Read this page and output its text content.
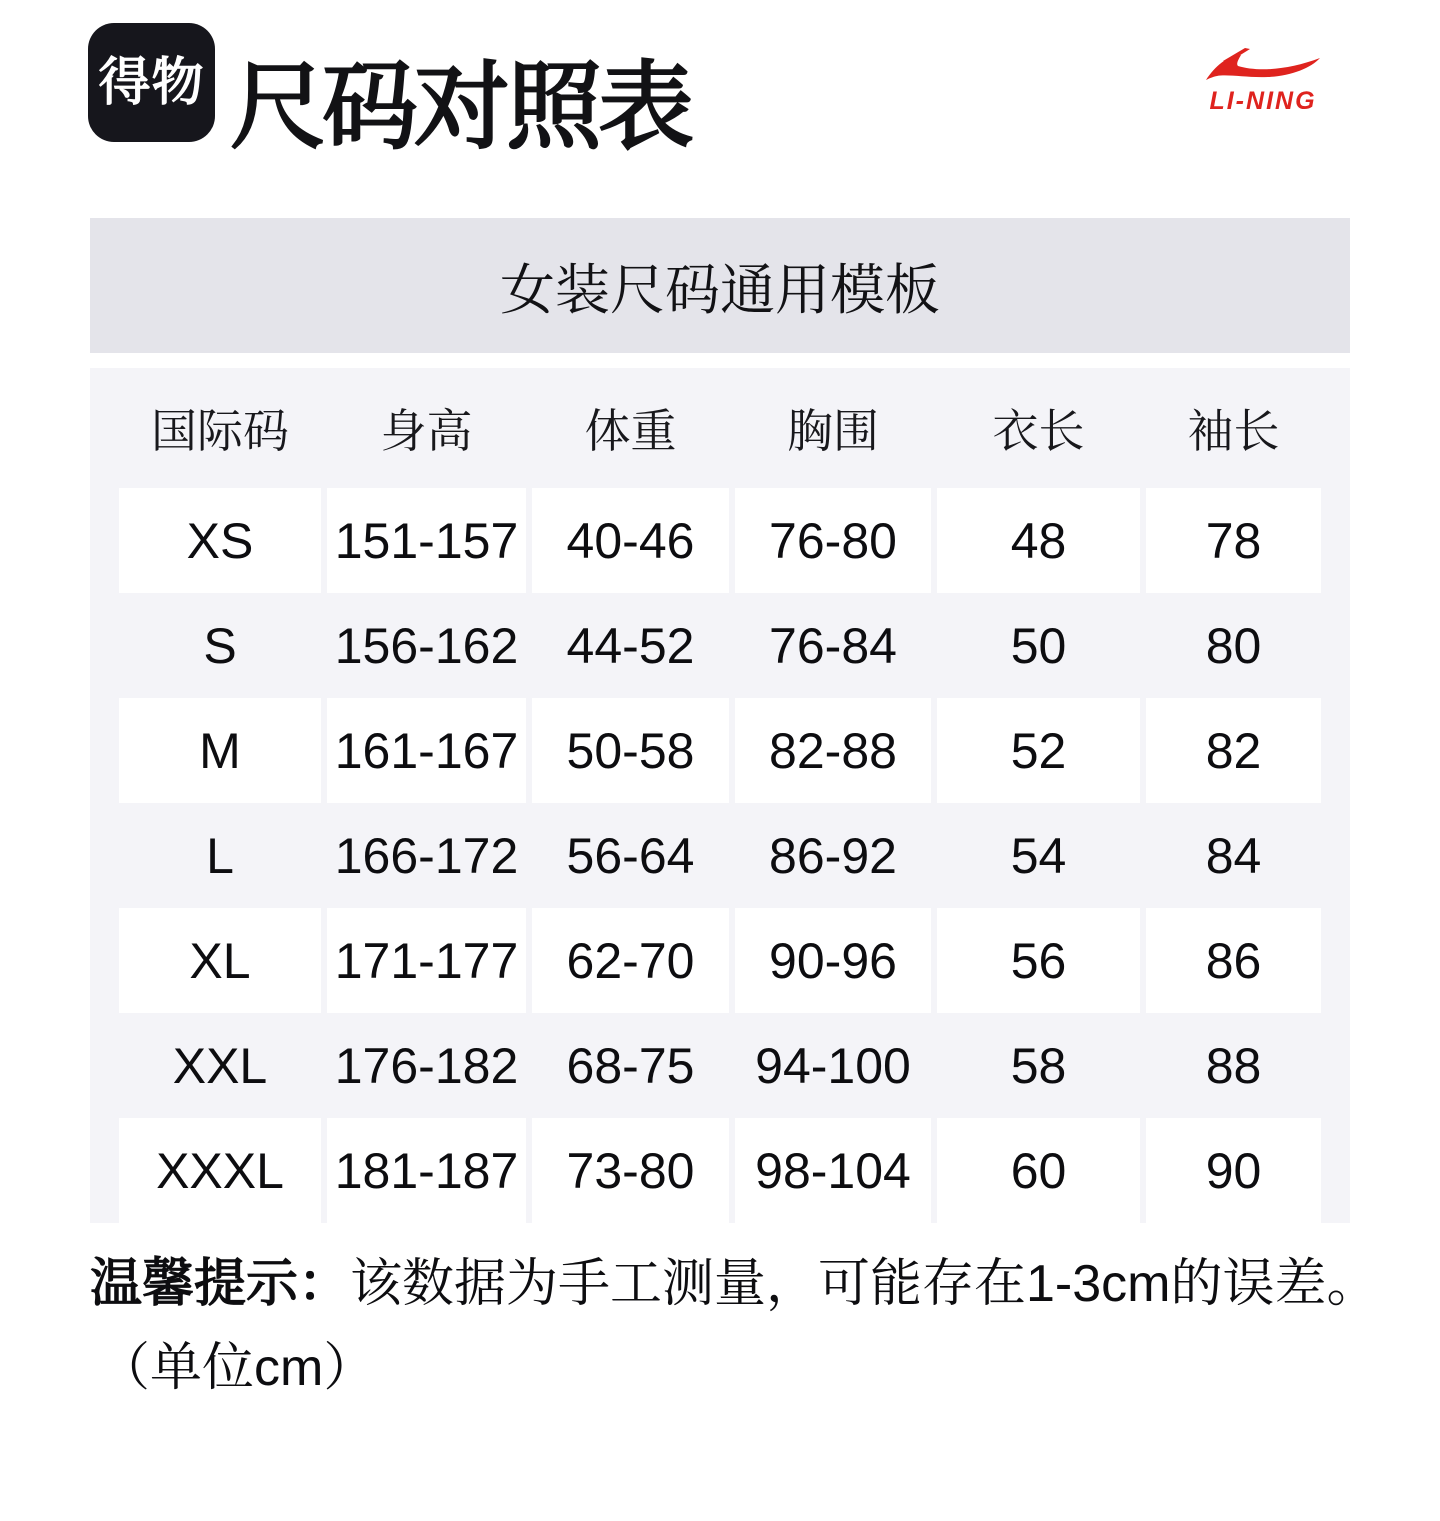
得物 尺码对照表	LI-NING
女装尺码通用模板
国际码	身高	体重	胸围	衣长	袖长
XS	151-157 40-46	76-80	48	78
S	156-162 44-52	76-84	50	80
M	161-167 50-58	82-88	52	82
L	166-172 56-64	86-92	54	84
XL	171-177 62-70	90-96	56	86
XXL	176-182 68-75	94-100	58	88
XXXL	181-187 73-80	98-104	60	90

温馨提示：该数据为手工测量，可能存在1-3cm的误差。

（单位cm）
